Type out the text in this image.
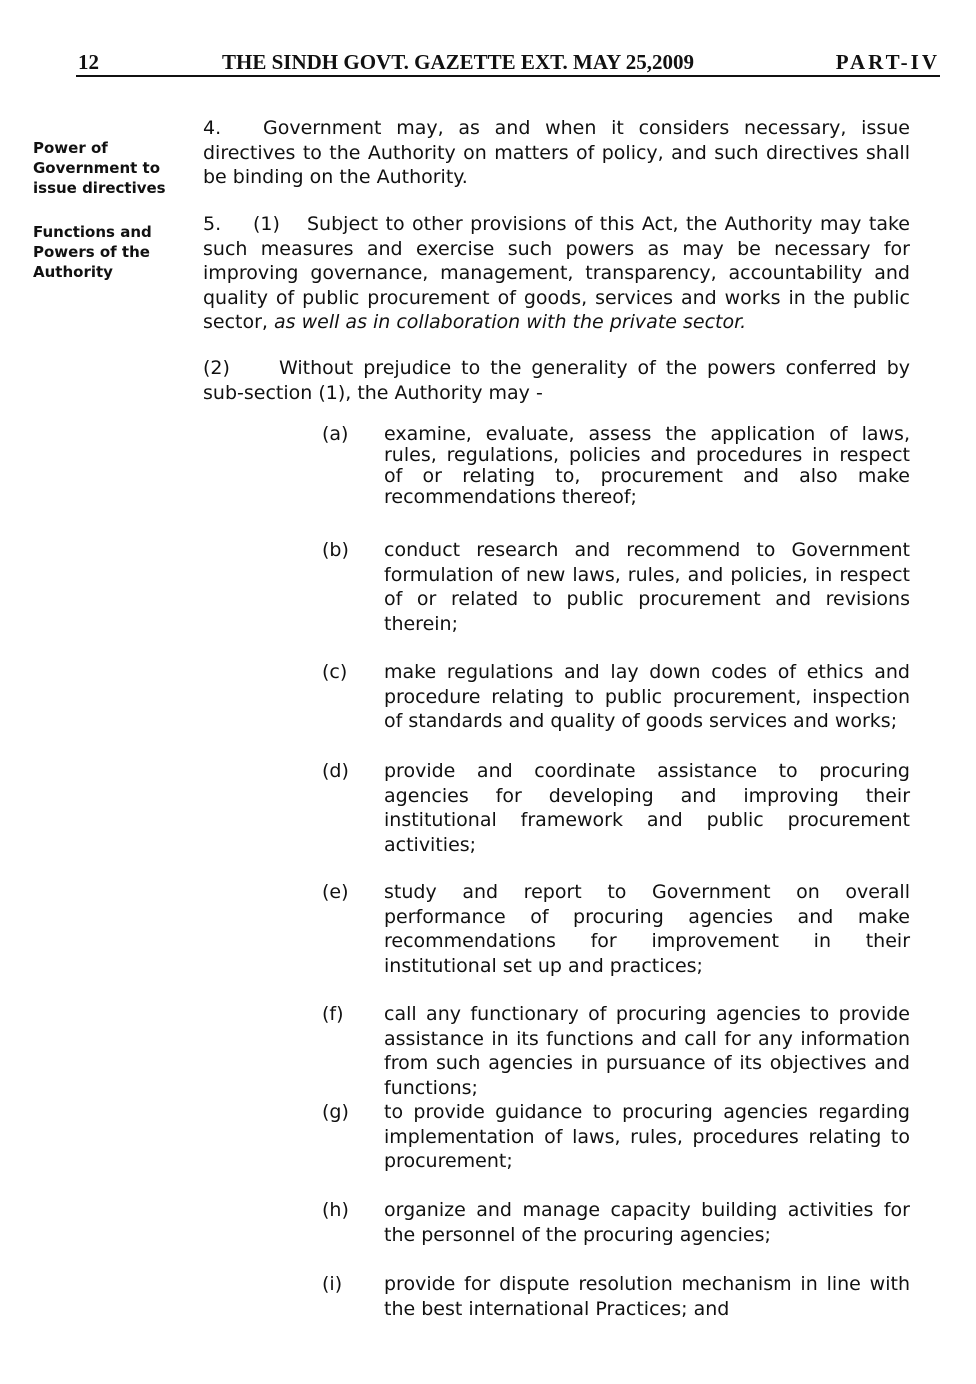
12	THE SINDH GOVT. GAZETTE EXT. MAY 25,2009	PART-IV
Power of Government to issue directives
Functions and Powers of the Authority
4. Government may, as and when it considers necessary, issue directives to the Authority on matters of policy, and such directives shall be binding on the Authority.
5. (1) Subject to other provisions of this Act, the Authority may take such measures and exercise such powers as may be necessary for improving governance, management, transparency, accountability and quality of public procurement of goods, services and works in the public sector, as well as in collaboration with the private sector.
(2)	Without prejudice to the generality of the powers conferred by sub-section (1), the Authority may -
(a)	examine, evaluate, assess the application of laws, rules, regulations, policies and procedures in respect of or relating to, procurement and also make recommendations thereof;
(b)	conduct research and recommend to Government formulation of new laws, rules, and policies, in respect of or related to public procurement and revisions therein;
(c)	make regulations and lay down codes of ethics and procedure relating to public procurement, inspection of standards and quality of goods services and works;
(d)	provide and coordinate assistance to procuring agencies for developing and improving their institutional framework and public procurement activities;
(e)	study and report to Government on overall performance of procuring agencies and make recommendations for improvement in their institutional set up and practices;
(f)	call any functionary of procuring agencies to provide assistance in its functions and call for any information from such agencies in pursuance of its objectives and functions;
(g)	to provide guidance to procuring agencies regarding implementation of laws, rules, procedures relating to procurement;
(h)	organize and manage capacity building activities for the personnel of the procuring agencies;
(i)	provide for dispute resolution mechanism in line with the best international Practices; and
